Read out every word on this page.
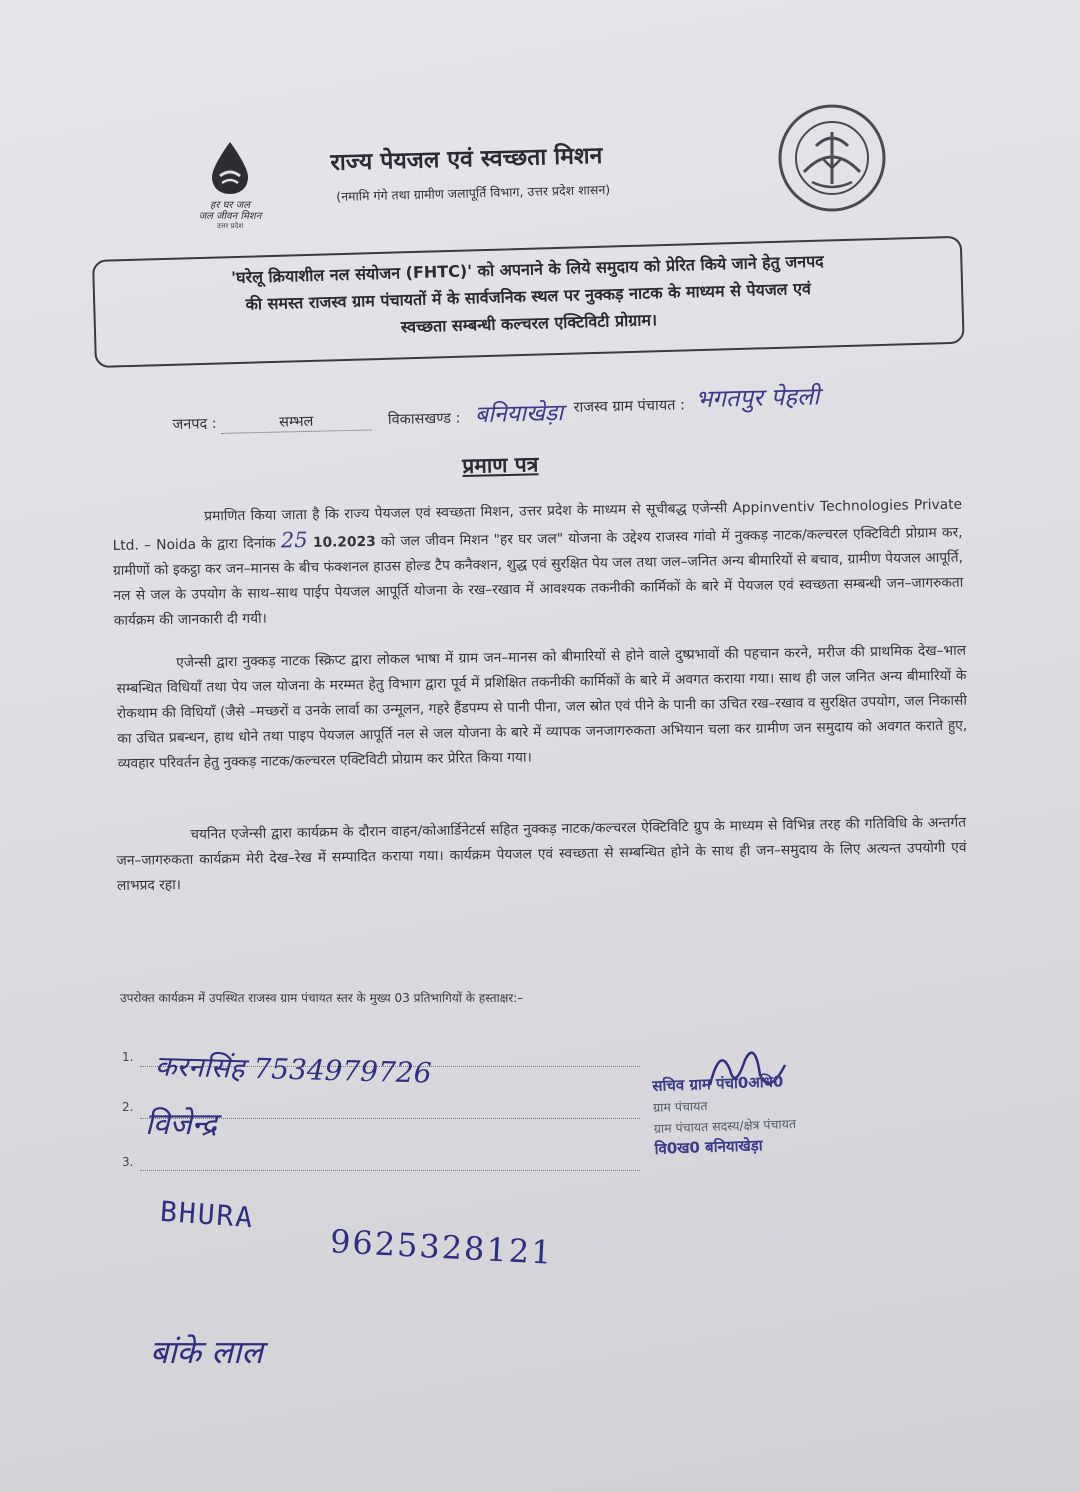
हर घर जल
जल जीवन मिशन
उत्तर प्रदेश
राज्य पेयजल एवं स्वच्छता मिशन
(नमामि गंगे तथा ग्रामीण जलापूर्ति विभाग, उत्तर प्रदेश शासन)
'घरेलू क्रियाशील नल संयोजन (FHTC)' को अपनाने के लिये समुदाय को प्रेरित किये जाने हेतु जनपद
की समस्त राजस्व ग्राम पंचायतों में के सार्वजनिक स्थल पर नुक्कड़ नाटक के माध्यम से पेयजल एवं
स्वच्छता सम्बन्धी कल्चरल एक्टिविटी प्रोग्राम।
जनपद :	सम्भल	विकासखण्ड : बनियाखेड़ा राजस्व ग्राम पंचायत : भगतपुर पेहली
प्रमाण पत्र
प्रमाणित किया जाता है कि राज्य पेयजल एवं स्वच्छता मिशन, उत्तर प्रदेश के माध्यम से सूचीबद्ध एजेन्सी Appinventiv Technologies Private Ltd. – Noida के द्वारा दिनांक 25 10.2023 को जल जीवन मिशन "हर घर जल" योजना के उद्देश्य राजस्व गांवो में नुक्कड़ नाटक/कल्चरल एक्टिविटी प्रोग्राम कर, ग्रामीणों को इकट्ठा कर जन–मानस के बीच फंक्शनल हाउस होल्ड टैप कनैक्शन, शुद्ध एवं सुरक्षित पेय जल तथा जल–जनित अन्य बीमारियों से बचाव, ग्रामीण पेयजल आपूर्ति, नल से जल के उपयोग के साथ–साथ पाईप पेयजल आपूर्ति योजना के रख–रखाव में आवश्यक तकनीकी कार्मिकों के बारे में पेयजल एवं स्वच्छता सम्बन्धी जन–जागरुकता कार्यक्रम की जानकारी दी गयी।
एजेन्सी द्वारा नुक्कड़ नाटक स्क्रिप्ट द्वारा लोकल भाषा में ग्राम जन–मानस को बीमारियों से होने वाले दुष्प्रभावों की पहचान करने, मरीज की प्राथमिक देख–भाल सम्बन्धित विधियाँ तथा पेय जल योजना के मरम्मत हेतु विभाग द्वारा पूर्व में प्रशिक्षित तकनीकी कार्मिकों के बारे में अवगत कराया गया। साथ ही जल जनित अन्य बीमारियों के रोकथाम की विधियाँ (जैसे –मच्छरों व उनके लार्वा का उन्मूलन, गहरे हैंडपम्प से पानी पीना, जल स्रोत एवं पीने के पानी का उचित रख–रखाव व सुरक्षित उपयोग, जल निकासी का उचित प्रबन्धन, हाथ धोने तथा पाइप पेयजल आपूर्ति नल से जल योजना के बारे में व्यापक जनजागरुकता अभियान चला कर ग्रामीण जन समुदाय को अवगत कराते हुए, व्यवहार परिवर्तन हेतु नुक्कड़ नाटक/कल्चरल एक्टिविटी प्रोग्राम कर प्रेरित किया गया।
चयनित एजेन्सी द्वारा कार्यक्रम के दौरान वाहन/कोआर्डिनेटर्स सहित नुक्कड़ नाटक/कल्चरल ऐक्टिविटि ग्रुप के माध्यम से विभिन्न तरह की गतिविधि के अन्तर्गत जन–जागरुकता कार्यक्रम मेरी देख–रेख में सम्पादित कराया गया। कार्यक्रम पेयजल एवं स्वच्छता से सम्बन्धित होने के साथ ही जन–समुदाय के लिए अत्यन्त उपयोगी एवं लाभप्रद रहा।
उपरोक्त कार्यक्रम में उपस्थित राजस्व ग्राम पंचायत स्तर के मुख्य 03 प्रतिभागियों के हस्ताक्षर:–
1.
2.
3.
करनसिंह 7534979726
विजेन्द्र
BHURA
9625328121
बांके लाल
सचिव ग्राम पंचा0अधि0
ग्राम पंचायत
ग्राम पंचायत सदस्य/क्षेत्र पंचायत
वि0ख0 बनियाखेड़ा
